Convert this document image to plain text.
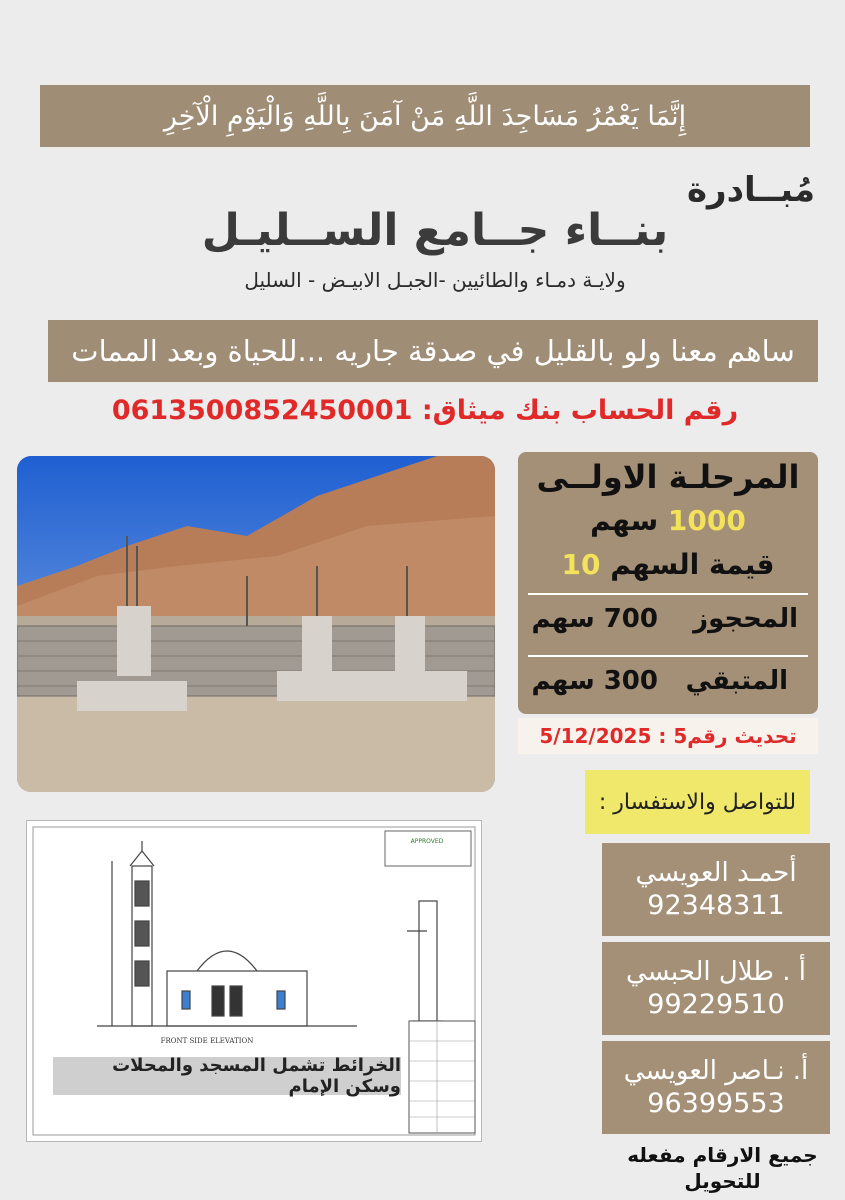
إِنَّمَا يَعْمُرُ مَسَاجِدَ اللَّهِ مَنْ آمَنَ بِاللَّهِ وَالْيَوْمِ الْآخِرِ
مُبــادرة
بنــاء جــامع الســليـل
ولايـة دمـاء والطائيين -الجبـل الابيـض - السليل
ساهم معنا ولو بالقليل في صدقة جاريه ...للحياة وبعد الممات
رقم الحساب بنك ميثاق: 0613500852450001
المرحلـة الاولــى
1000 سهم
قيمة السهم 10
المحجوز
700 سهم
المتبقي
300 سهم
تحديث رقم5 : 5/12/2025
للتواصل والاستفسار :
أحمـد العويسي
92348311
أ . طلال الحبسي
99229510
أ. نـاصر العويسي
96399553
جميع الارقام مفعله للتحويل
APPROVED
FRONT SIDE ELEVATION
الخرائط تشمل المسجد والمحلات وسكن الإمام
